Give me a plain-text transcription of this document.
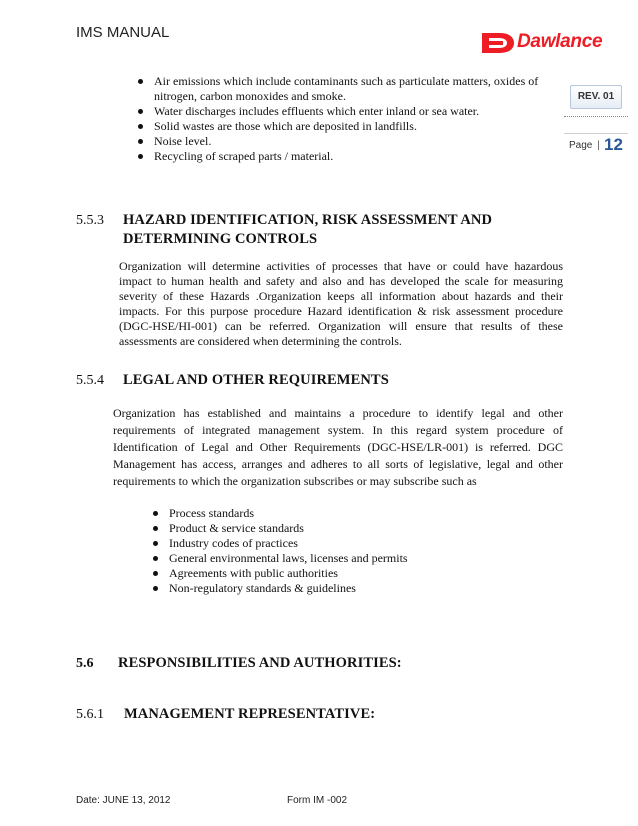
IMS MANUAL	Dawlance
REV. 01
Page | 12
Air emissions which include contaminants such as particulate matters, oxides of nitrogen, carbon monoxides and smoke.
Water discharges includes effluents which enter inland or sea water.
Solid wastes are those which are deposited in landfills.
Noise level.
Recycling of scraped parts / material.
5.5.3 HAZARD IDENTIFICATION, RISK ASSESSMENT AND
DETERMINING CONTROLS
Organization will determine activities of processes that have or could have hazardous impact to human health and safety and also and has developed the scale for measuring severity of these Hazards .Organization keeps all information about hazards and their impacts. For this purpose procedure Hazard identification & risk assessment procedure (DGC-HSE/HI-001) can be referred. Organization will ensure that results of these assessments are considered when determining the controls.
5.5.4 LEGAL AND OTHER REQUIREMENTS
Organization has established and maintains a procedure to identify legal and other requirements of integrated management system. In this regard system procedure of Identification of Legal and Other Requirements (DGC-HSE/LR-001) is referred. DGC Management has access, arranges and adheres to all sorts of legislative, legal and other requirements to which the organization subscribes or may subscribe such as
Process standards
Product & service standards
Industry codes of practices
General environmental laws, licenses and permits
Agreements with public authorities
Non-regulatory standards & guidelines
5.6 RESPONSIBILITIES AND AUTHORITIES:
5.6.1 MANAGEMENT REPRESENTATIVE:
Date: JUNE 13, 2012	Form IM -002
